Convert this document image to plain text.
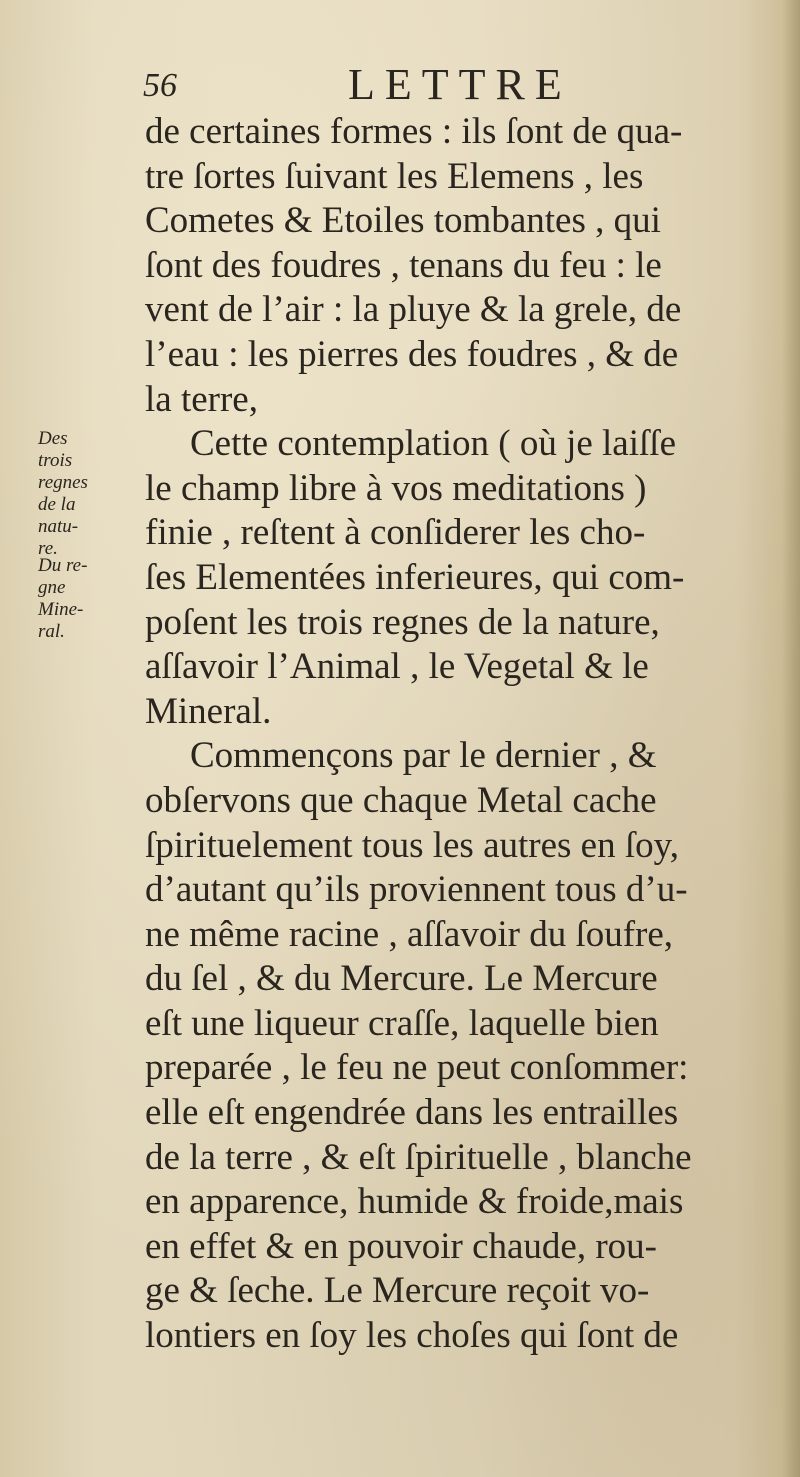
56	LETTRE
Des
trois
regnes
de la
natu-
re.
Du re-
gne
Mine-
ral.
de certaines formes : ils ſont de qua-
tre ſortes ſuivant les Elemens , les
Cometes & Etoiles tombantes , qui
ſont des foudres , tenans du feu : le
vent de l’air : la pluye & la grele, de
l’eau : les pierres des foudres , & de
la terre,
Cette contemplation ( où je laiſſe
le champ libre à vos meditations )
finie , reſtent à conſiderer les cho-
ſes Elementées inferieures, qui com-
poſent les trois regnes de la nature,
aſſavoir l’Animal , le Vegetal & le
Mineral.
Commençons par le dernier , &
obſervons que chaque Metal cache
ſpirituelement tous les autres en ſoy,
d’autant qu’ils proviennent tous d’u-
ne même racine , aſſavoir du ſoufre,
du ſel , & du Mercure. Le Mercure
eſt une liqueur craſſe, laquelle bien
preparée , le feu ne peut conſommer:
elle eſt engendrée dans les entrailles
de la terre , & eſt ſpirituelle , blanche
en apparence, humide & froide,mais
en effet & en pouvoir chaude, rou-
ge & ſeche. Le Mercure reçoit vo-
lontiers en ſoy les choſes qui ſont de
